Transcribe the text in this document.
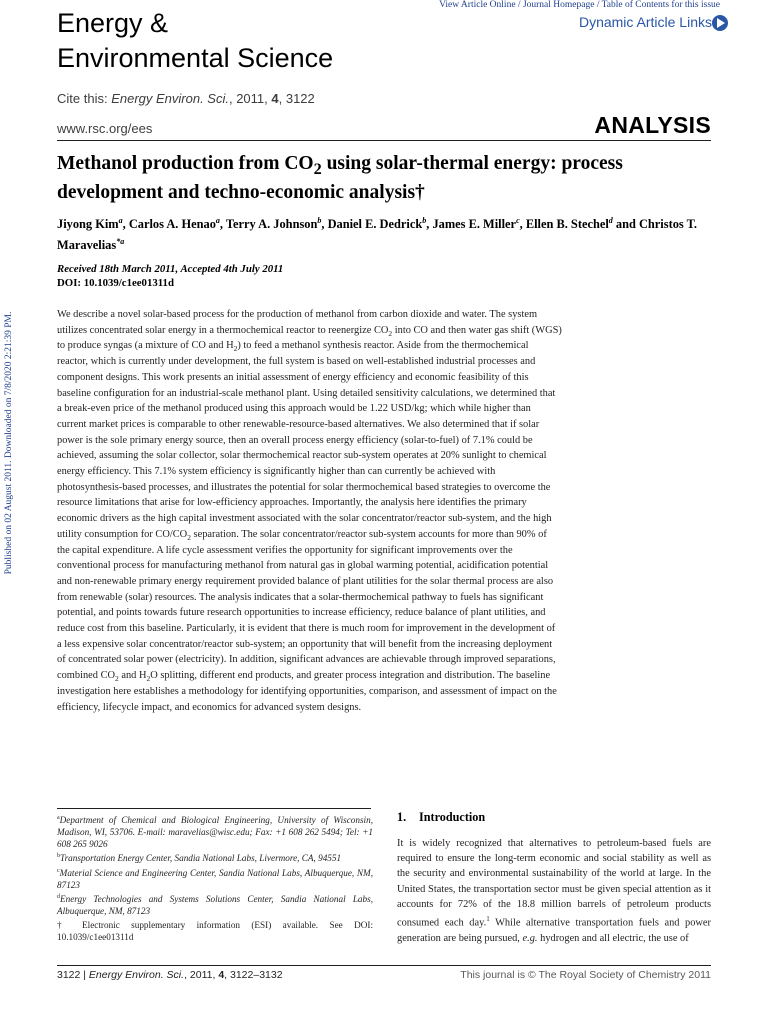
View Article Online / Journal Homepage / Table of Contents for this issue
Dynamic Article Links
Energy &
Environmental Science
Cite this: Energy Environ. Sci., 2011, 4, 3122
www.rsc.org/ees	ANALYSIS
Methanol production from $CO_2$ using solar-thermal energy: process development and techno-economic analysis†
Jiyong Kim$^a$, Carlos A. Henao$^a$, Terry A. Johnson$^b$, Daniel E. Dedrick$^b$, James E. Miller$^c$, Ellen B. Stechel$^d$ and Christos T. Maravelias$^{*a}$
Received 18th March 2011, Accepted 4th July 2011
DOI: 10.1039/c1ee01311d
Published on 02 August 2011. Downloaded on 7/8/2020 2:21:39 PM.	We describe a novel solar-based process for the production of methanol from carbon dioxide and water. The system utilizes concentrated solar energy in a thermochemical reactor to reenergize $CO_2$ into CO and then water gas shift (WGS) to produce syngas (a mixture of CO and $H_2$) to feed a methanol synthesis reactor. Aside from the thermochemical reactor, which is currently under development, the full system is based on well-established industrial processes and component designs. This work presents an initial assessment of energy efficiency and economic feasibility of this baseline configuration for an industrial-scale methanol plant. Using detailed sensitivity calculations, we determined that a break-even price of the methanol produced using this approach would be 1.22 USD/kg; which while higher than current market prices is comparable to other renewable-resource-based alternatives. We also determined that if solar power is the sole primary energy source, then an overall process energy efficiency (solar-to-fuel) of 7.1% could be achieved, assuming the solar collector, solar thermochemical reactor sub-system operates at 20% sunlight to chemical energy efficiency. This 7.1% system efficiency is significantly higher than can currently be achieved with photosynthesis-based processes, and illustrates the potential for solar thermochemical based strategies to overcome the resource limitations that arise for low-efficiency approaches. Importantly, the analysis here identifies the primary economic drivers as the high capital investment associated with the solar concentrator/reactor sub-system, and the high utility consumption for $CO/CO_2$ separation. The solar concentrator/reactor sub-system accounts for more than 90% of the capital expenditure. A life cycle assessment verifies the opportunity for significant improvements over the conventional process for manufacturing methanol from natural gas in global warming potential, acidification potential and non-renewable primary energy requirement provided balance of plant utilities for the solar thermal process are also from renewable (solar) resources. The analysis indicates that a solar-thermochemical pathway to fuels has significant potential, and points towards future research opportunities to increase efficiency, reduce balance of plant utilities, and reduce cost from this baseline. Particularly, it is evident that there is much room for improvement in the development of a less expensive solar concentrator/reactor sub-system; an opportunity that will benefit from the increasing deployment of concentrated solar power (electricity). In addition, significant advances are achievable through improved separations, combined $CO_2$ and $H_2O$ splitting, different end products, and greater process integration and distribution. The baseline investigation here establishes a methodology for identifying opportunities, comparison, and assessment of impact on the efficiency, lifecycle impact, and economics for advanced system designs.

$^a$Department of Chemical and Biological Engineering, University of Wisconsin, Madison, WI, 53706. E-mail: maravelias@wisc.edu; Fax: +1 608 262 5494; Tel: +1 608 265 9026

$^b$Transportation Energy Center, Sandia National Labs, Livermore, CA, 94551

$^c$Material Science and Engineering Center, Sandia National Labs, Albuquerque, NM, 87123

$^d$Energy Technologies and Systems Solutions Center, Sandia National Labs, Albuquerque, NM, 87123

† Electronic supplementary information (ESI) available. See DOI: 10.1039/c1ee01311d

1. Introduction
It is widely recognized that alternatives to petroleum-based fuels are required to ensure the long-term economic and social stability as well as the security and environmental sustainability of the world at large. In the United States, the transportation sector must be given special attention as it accounts for 72% of the 18.8 million barrels of petroleum products consumed each day.$^1$ While alternative transportation fuels and power generation are being pursued, e.g. hydrogen and all electric, the use of
3122 | Energy Environ. Sci., 2011, 4, 3122–3132	This journal is © The Royal Society of Chemistry 2011
